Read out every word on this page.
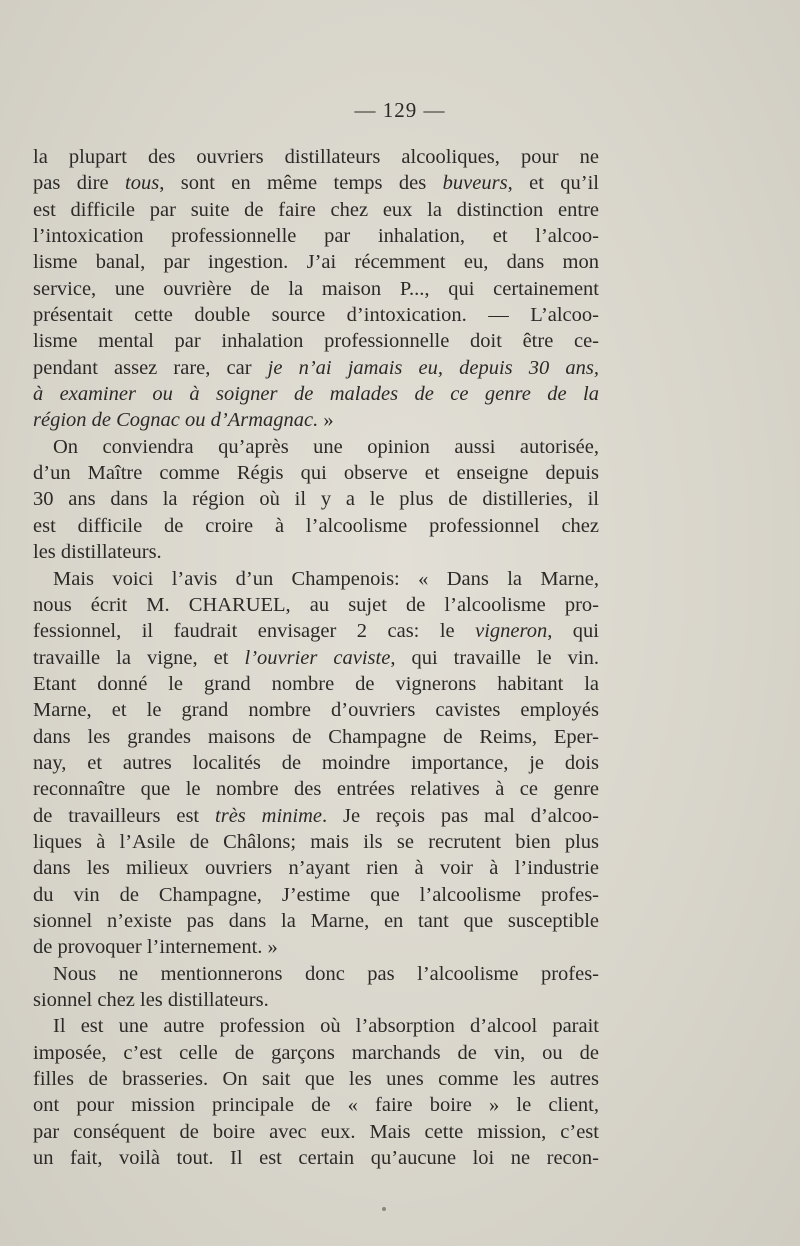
— 129 —
la plupart des ouvriers distillateurs alcooliques, pour ne
pas dire tous, sont en même temps des buveurs, et qu’il
est difficile par suite de faire chez eux la distinction entre
l’intoxication professionnelle par inhalation, et l’alcoo-
lisme banal, par ingestion. J’ai récemment eu, dans mon
service, une ouvrière de la maison P..., qui certainement
présentait cette double source d’intoxication. — L’alcoo-
lisme mental par inhalation professionnelle doit être ce-
pendant assez rare, car je n’ai jamais eu, depuis 30 ans,
à examiner ou à soigner de malades de ce genre de la
région de Cognac ou d’Armagnac. »
On conviendra qu’après une opinion aussi autorisée,
d’un Maître comme Régis qui observe et enseigne depuis
30 ans dans la région où il y a le plus de distilleries, il
est difficile de croire à l’alcoolisme professionnel chez
les distillateurs.
Mais voici l’avis d’un Champenois: « Dans la Marne,
nous écrit M. CHARUEL, au sujet de l’alcoolisme pro-
fessionnel, il faudrait envisager 2 cas: le vigneron, qui
travaille la vigne, et l’ouvrier caviste, qui travaille le vin.
Etant donné le grand nombre de vignerons habitant la
Marne, et le grand nombre d’ouvriers cavistes employés
dans les grandes maisons de Champagne de Reims, Eper-
nay, et autres localités de moindre importance, je dois
reconnaître que le nombre des entrées relatives à ce genre
de travailleurs est très minime. Je reçois pas mal d’alcoo-
liques à l’Asile de Châlons; mais ils se recrutent bien plus
dans les milieux ouvriers n’ayant rien à voir à l’industrie
du vin de Champagne, J’estime que l’alcoolisme profes-
sionnel n’existe pas dans la Marne, en tant que susceptible
de provoquer l’internement. »
Nous ne mentionnerons donc pas l’alcoolisme profes-
sionnel chez les distillateurs.
Il est une autre profession où l’absorption d’alcool parait
imposée, c’est celle de garçons marchands de vin, ou de
filles de brasseries. On sait que les unes comme les autres
ont pour mission principale de « faire boire » le client,
par conséquent de boire avec eux. Mais cette mission, c’est
un fait, voilà tout. Il est certain qu’aucune loi ne recon-
